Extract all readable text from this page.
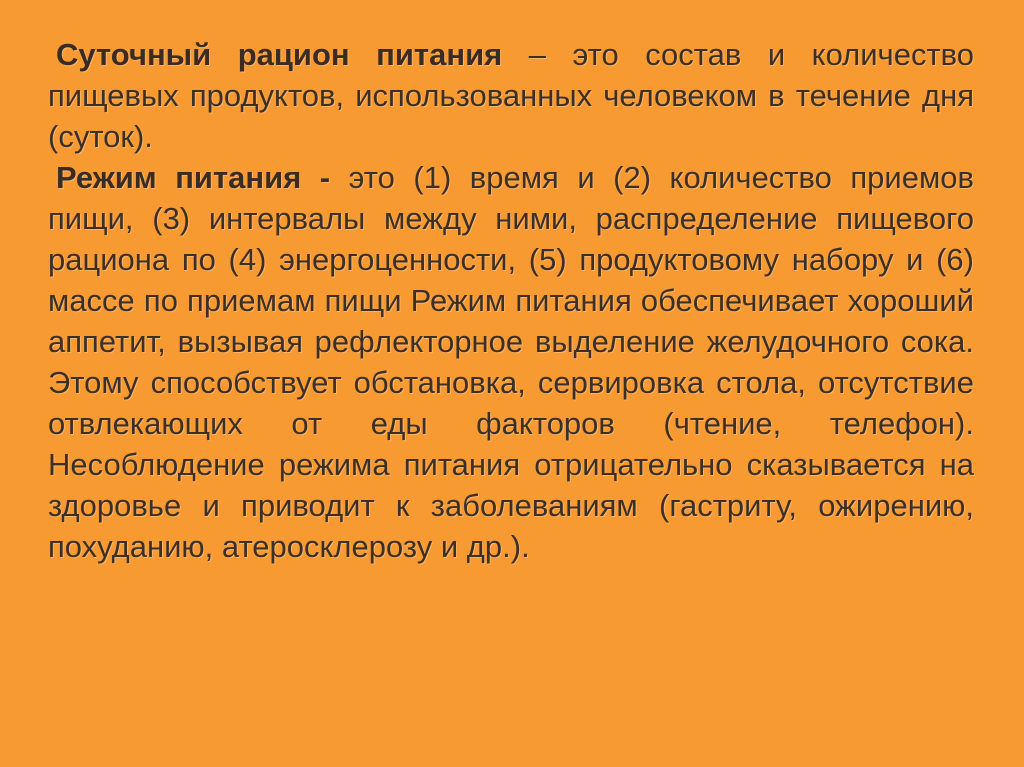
Суточный рацион питания – это состав и количество пищевых продуктов, использованных человеком в течение дня (суток).

Режим питания - это (1) время и (2) количество приемов пищи, (3) интервалы между ними, распределение пищевого рациона по (4) энергоценности, (5) продуктовому набору и (6) массе по приемам пищи Режим питания обеспечивает хороший аппетит, вызывая рефлекторное выделение желудочного сока. Этому способствует обстановка, сервировка стола, отсутствие отвлекающих от еды факторов (чтение, телефон). Несоблюдение режима питания отрицательно сказывается на здоровье и приводит к заболеваниям (гастриту, ожирению, похуданию, атеросклерозу и др.).
